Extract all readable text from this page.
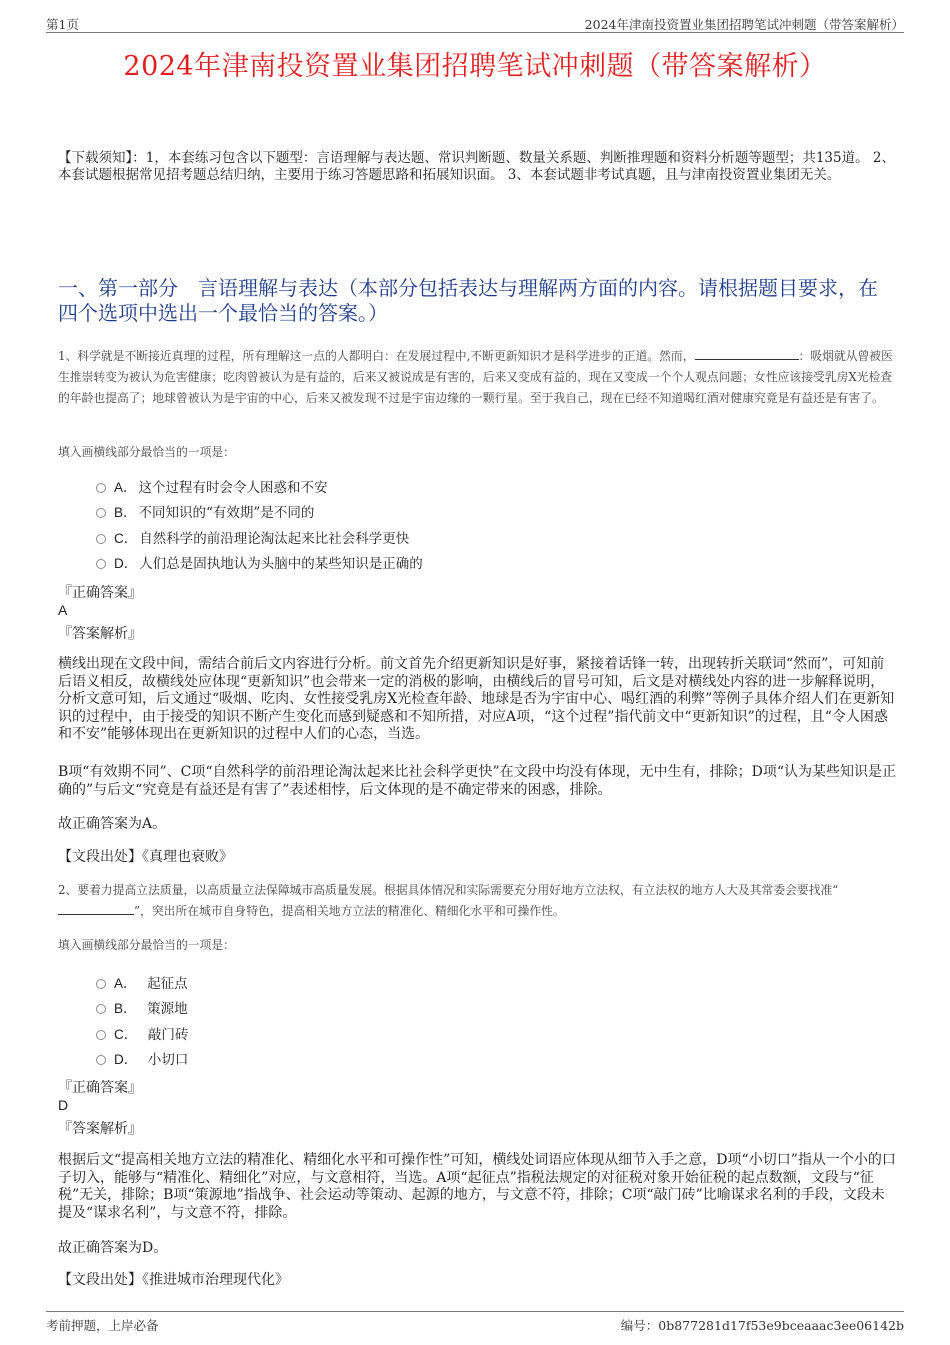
第1页	2024年津南投资置业集团招聘笔试冲刺题（带答案解析）
2024年津南投资置业集团招聘笔试冲刺题（带答案解析）
【下载须知】：1，本套练习包含以下题型：言语理解与表达题、常识判断题、数量关系题、判断推理题和资料分析题等题型；共135道。 2、本套试题根据常见招考题总结归纳，主要用于练习答题思路和拓展知识面。 3、本套试题非考试真题，且与津南投资置业集团无关。
一、第一部分 言语理解与表达（本部分包括表达与理解两方面的内容。请根据题目要求，在四个选项中选出一个最恰当的答案。）
1、科学就是不断接近真理的过程，所有理解这一点的人都明白：在发展过程中,不断更新知识才是科学进步的正道。然而，	：吸烟就从曾被医生推崇转变为被认为危害健康；吃肉曾被认为是有益的，后来又被说成是有害的，后来又变成有益的，现在又变成一个个人观点问题；女性应该接受乳房X光检查的年龄也提高了；地球曾被认为是宇宙的中心，后来又被发现不过是宇宙边缘的一颗行星。至于我自己，现在已经不知道喝红酒对健康究竟是有益还是有害了。
填入画横线部分最恰当的一项是：
A． 这个过程有时会令人困惑和不安
B． 不同知识的“有效期”是不同的
C． 自然科学的前沿理论淘汰起来比社会科学更快
D． 人们总是固执地认为头脑中的某些知识是正确的
『正确答案』
A
『答案解析』
横线出现在文段中间，需结合前后文内容进行分析。前文首先介绍更新知识是好事，紧接着话锋一转，出现转折关联词“然而”，可知前后语义相反，故横线处应体现“更新知识”也会带来一定的消极的影响，由横线后的冒号可知，后文是对横线处内容的进一步解释说明，分析文意可知，后文通过“吸烟、吃肉、女性接受乳房X光检查年龄、地球是否为宇宙中心、喝红酒的利弊”等例子具体介绍人们在更新知识的过程中，由于接受的知识不断产生变化而感到疑惑和不知所措，对应A项，“这个过程”指代前文中“更新知识”的过程，且“令人困惑和不安”能够体现出在更新知识的过程中人们的心态，当选。
B项“有效期不同”、C项“自然科学的前沿理论淘汰起来比社会科学更快”在文段中均没有体现，无中生有，排除；D项“认为某些知识是正确的”与后文“究竟是有益还是有害了”表述相悖，后文体现的是不确定带来的困惑，排除。
故正确答案为A。
【文段出处】《真理也衰败》
2、要着力提高立法质量，以高质量立法保障城市高质量发展。根据具体情况和实际需要充分用好地方立法权，有立法权的地方人大及其常委会要找准“”，突出所在城市自身特色，提高相关地方立法的精准化、精细化水平和可操作性。
填入画横线部分最恰当的一项是：
A．
起征点
B．
策源地
C．
敲门砖
D．
小切口
『正确答案』
D
『答案解析』
根据后文“提高相关地方立法的精准化、精细化水平和可操作性”可知，横线处词语应体现从细节入手之意，D项“小切口”指从一个小的口子切入，能够与“精准化、精细化”对应，与文意相符，当选。A项“起征点”指税法规定的对征税对象开始征税的起点数额，文段与“征税”无关，排除；B项“策源地”指战争、社会运动等策动、起源的地方，与文意不符，排除；C项“敲门砖”比喻谋求名利的手段，文段未提及“谋求名利”，与文意不符，排除。
故正确答案为D。
【文段出处】《推进城市治理现代化》
考前押题，上岸必备	编号：0b877281d17f53e9bceaaac3ee06142b
